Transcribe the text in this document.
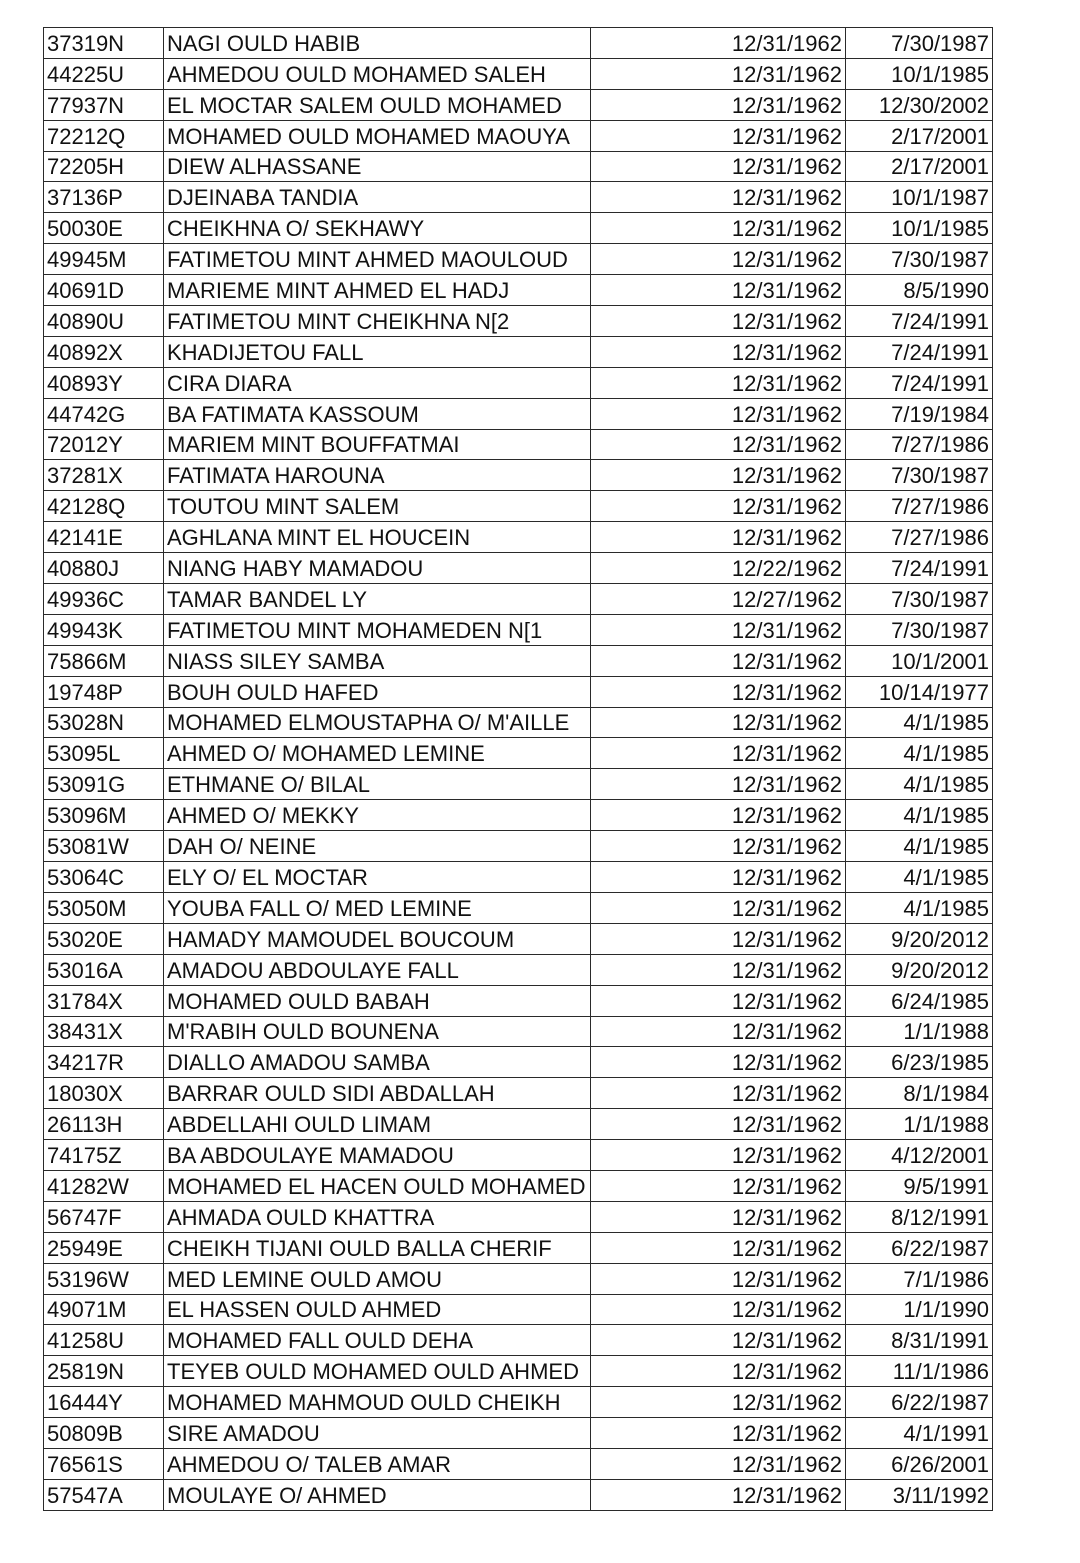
37319N	NAGI OULD HABIB	12/31/1962	7/30/1987
44225U	AHMEDOU OULD MOHAMED SALEH	12/31/1962	10/1/1985
77937N	EL MOCTAR SALEM OULD MOHAMED	12/31/1962	12/30/2002
72212Q	MOHAMED OULD MOHAMED MAOUYA	12/31/1962	2/17/2001
72205H	DIEW ALHASSANE	12/31/1962	2/17/2001
37136P	DJEINABA TANDIA	12/31/1962	10/1/1987
50030E	CHEIKHNA O/ SEKHAWY	12/31/1962	10/1/1985
49945M	FATIMETOU MINT AHMED MAOULOUD	12/31/1962	7/30/1987
40691D	MARIEME MINT AHMED EL HADJ	12/31/1962	8/5/1990
40890U	FATIMETOU MINT CHEIKHNA N[2	12/31/1962	7/24/1991
40892X	KHADIJETOU FALL	12/31/1962	7/24/1991
40893Y	CIRA DIARA	12/31/1962	7/24/1991
44742G	BA FATIMATA KASSOUM	12/31/1962	7/19/1984
72012Y	MARIEM MINT BOUFFATMAI	12/31/1962	7/27/1986
37281X	FATIMATA HAROUNA	12/31/1962	7/30/1987
42128Q	TOUTOU MINT SALEM	12/31/1962	7/27/1986
42141E	AGHLANA MINT EL HOUCEIN	12/31/1962	7/27/1986
40880J	NIANG HABY MAMADOU	12/22/1962	7/24/1991
49936C	TAMAR BANDEL LY	12/27/1962	7/30/1987
49943K	FATIMETOU MINT MOHAMEDEN N[1	12/31/1962	7/30/1987
75866M	NIASS SILEY SAMBA	12/31/1962	10/1/2001
19748P	BOUH OULD HAFED	12/31/1962	10/14/1977
53028N	MOHAMED ELMOUSTAPHA O/ M'AILLE	12/31/1962	4/1/1985
53095L	AHMED O/ MOHAMED LEMINE	12/31/1962	4/1/1985
53091G	ETHMANE O/ BILAL	12/31/1962	4/1/1985
53096M	AHMED O/ MEKKY	12/31/1962	4/1/1985
53081W	DAH O/ NEINE	12/31/1962	4/1/1985
53064C	ELY O/ EL MOCTAR	12/31/1962	4/1/1985
53050M	YOUBA FALL O/ MED LEMINE	12/31/1962	4/1/1985
53020E	HAMADY MAMOUDEL BOUCOUM	12/31/1962	9/20/2012
53016A	AMADOU ABDOULAYE FALL	12/31/1962	9/20/2012
31784X	MOHAMED OULD BABAH	12/31/1962	6/24/1985
38431X	M'RABIH OULD BOUNENA	12/31/1962	1/1/1988
34217R	DIALLO AMADOU SAMBA	12/31/1962	6/23/1985
18030X	BARRAR OULD SIDI ABDALLAH	12/31/1962	8/1/1984
26113H	ABDELLAHI OULD LIMAM	12/31/1962	1/1/1988
74175Z	BA ABDOULAYE MAMADOU	12/31/1962	4/12/2001
41282W	MOHAMED EL HACEN OULD MOHAMED	12/31/1962	9/5/1991
56747F	AHMADA OULD KHATTRA	12/31/1962	8/12/1991
25949E	CHEIKH TIJANI OULD BALLA CHERIF	12/31/1962	6/22/1987
53196W	MED LEMINE OULD AMOU	12/31/1962	7/1/1986
49071M	EL HASSEN OULD AHMED	12/31/1962	1/1/1990
41258U	MOHAMED FALL OULD DEHA	12/31/1962	8/31/1991
25819N	TEYEB OULD MOHAMED OULD AHMED	12/31/1962	11/1/1986
16444Y	MOHAMED MAHMOUD OULD CHEIKH	12/31/1962	6/22/1987
50809B	SIRE AMADOU	12/31/1962	4/1/1991
76561S	AHMEDOU O/ TALEB AMAR	12/31/1962	6/26/2001
57547A	MOULAYE O/ AHMED	12/31/1962	3/11/1992
